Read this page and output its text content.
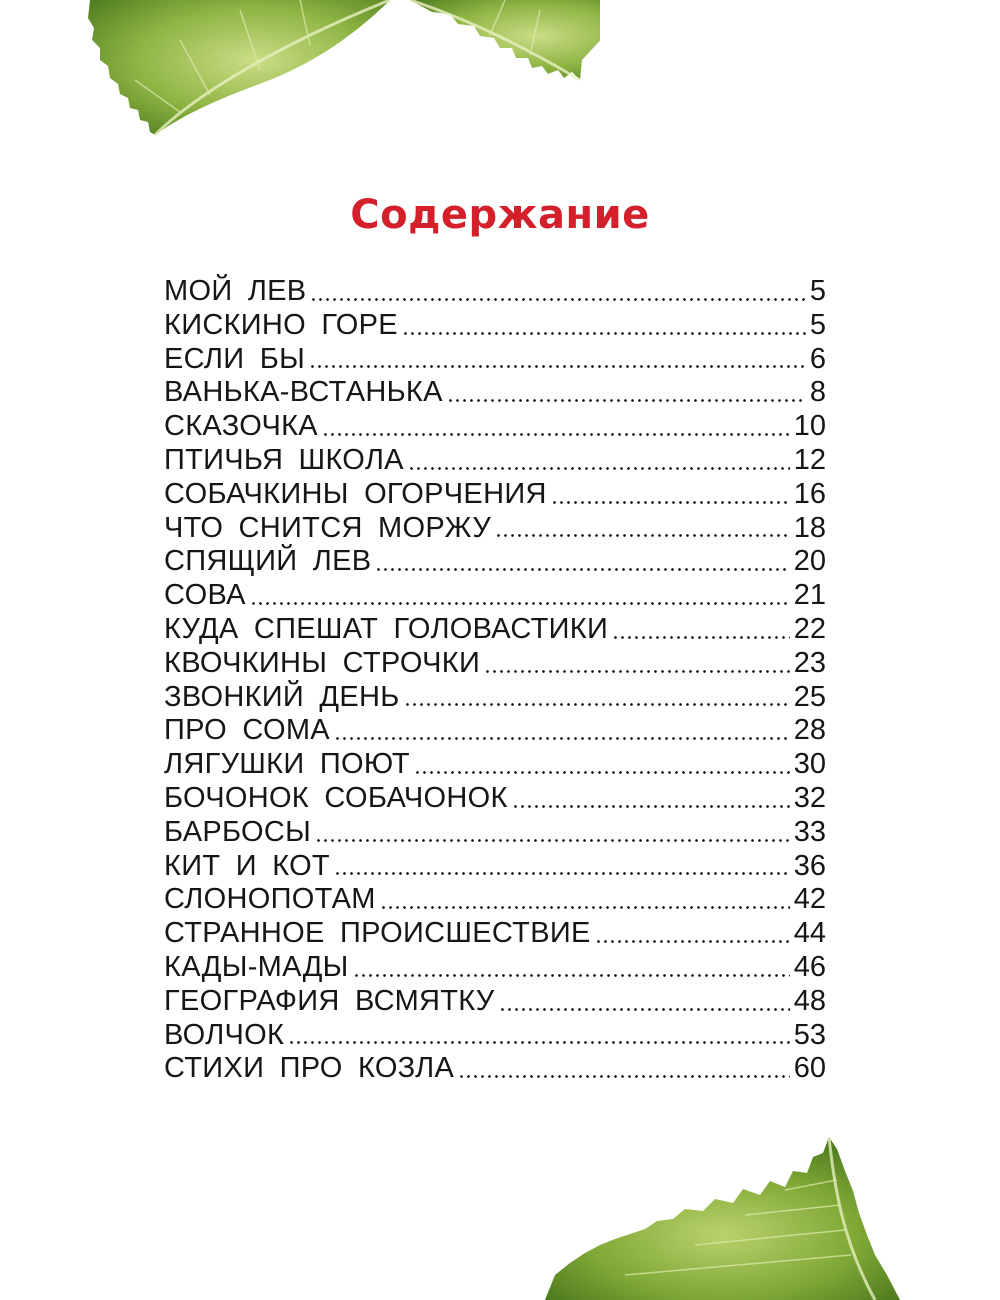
Содержание
МОЙ ЛЕВ	5
КИСКИНО ГОРЕ	5
ЕСЛИ БЫ	6
ВАНЬКА-ВСТАНЬКА	8
СКАЗОЧКА	10
ПТИЧЬЯ ШКОЛА	12
СОБАЧКИНЫ ОГОРЧЕНИЯ	16
ЧТО СНИТСЯ МОРЖУ	18
СПЯЩИЙ ЛЕВ	20
СОВА	21
КУДА СПЕШАТ ГОЛОВАСТИКИ	22
КВОЧКИНЫ СТРОЧКИ	23
ЗВОНКИЙ ДЕНЬ	25
ПРО СОМА	28
ЛЯГУШКИ ПОЮТ	30
БОЧОНОК СОБАЧОНОК	32
БАРБОСЫ	33
КИТ И КОТ	36
СЛОНОПОТАМ	42
СТРАННОЕ ПРОИСШЕСТВИЕ	44
КАДЫ-МАДЫ	46
ГЕОГРАФИЯ ВСМЯТКУ	48
ВОЛЧОК	53
СТИХИ ПРО КОЗЛА	60
